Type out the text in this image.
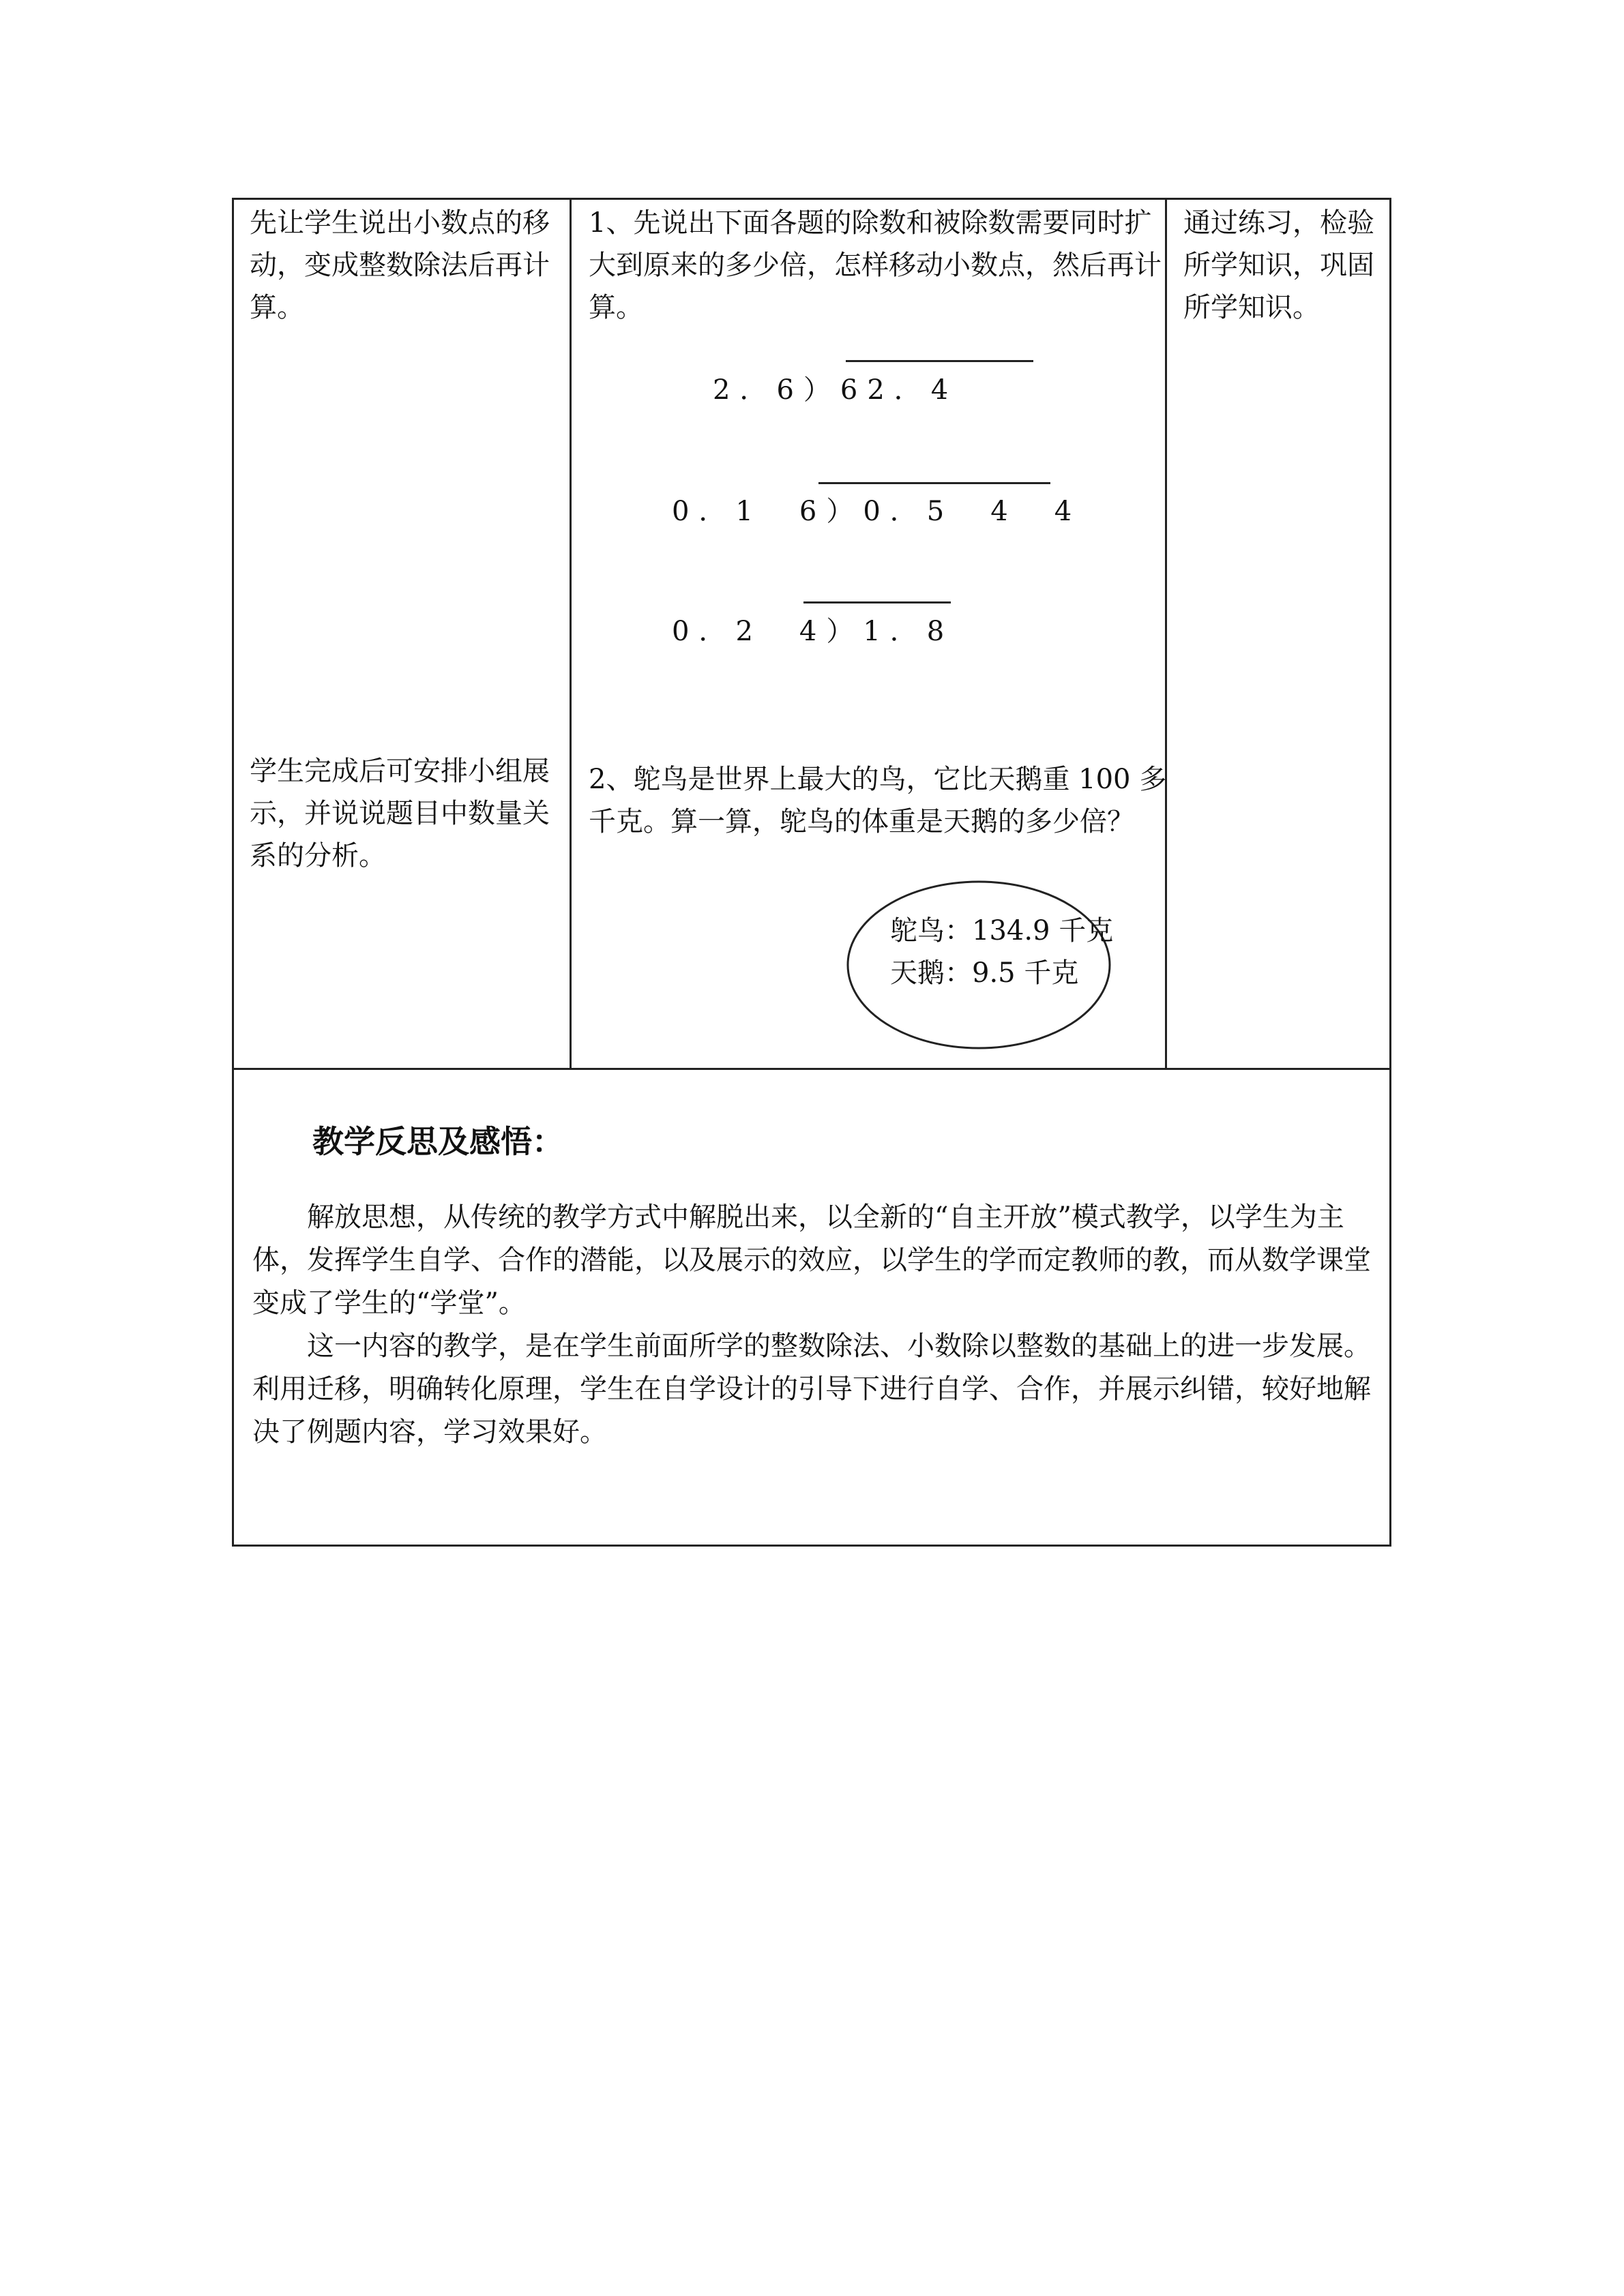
先让学生说出小数点的移动，变成整数除法后再计算。
学生完成后可安排小组展示，并说说题目中数量关系的分析。
1、先说出下面各题的除数和被除数需要同时扩大到原来的多少倍，怎样移动小数点，然后再计算。
2．6）62．4
0．1　6）0．5　4　4
0．2　4）1．8
2、鸵鸟是世界上最大的鸟，它比天鹅重 100 多千克。算一算，鸵鸟的体重是天鹅的多少倍？
鸵鸟：134.9 千克
天鹅：9.5 千克
通过练习，检验所学知识，巩固所学知识。
教学反思及感悟：
解放思想，从传统的教学方式中解脱出来，以全新的“自主开放”模式教学，以学生为主体，发挥学生自学、合作的潜能，以及展示的效应，以学生的学而定教师的教，而从数学课堂变成了学生的“学堂”。
这一内容的教学，是在学生前面所学的整数除法、小数除以整数的基础上的进一步发展。利用迁移，明确转化原理，学生在自学设计的引导下进行自学、合作，并展示纠错，较好地解决了例题内容，学习效果好。
